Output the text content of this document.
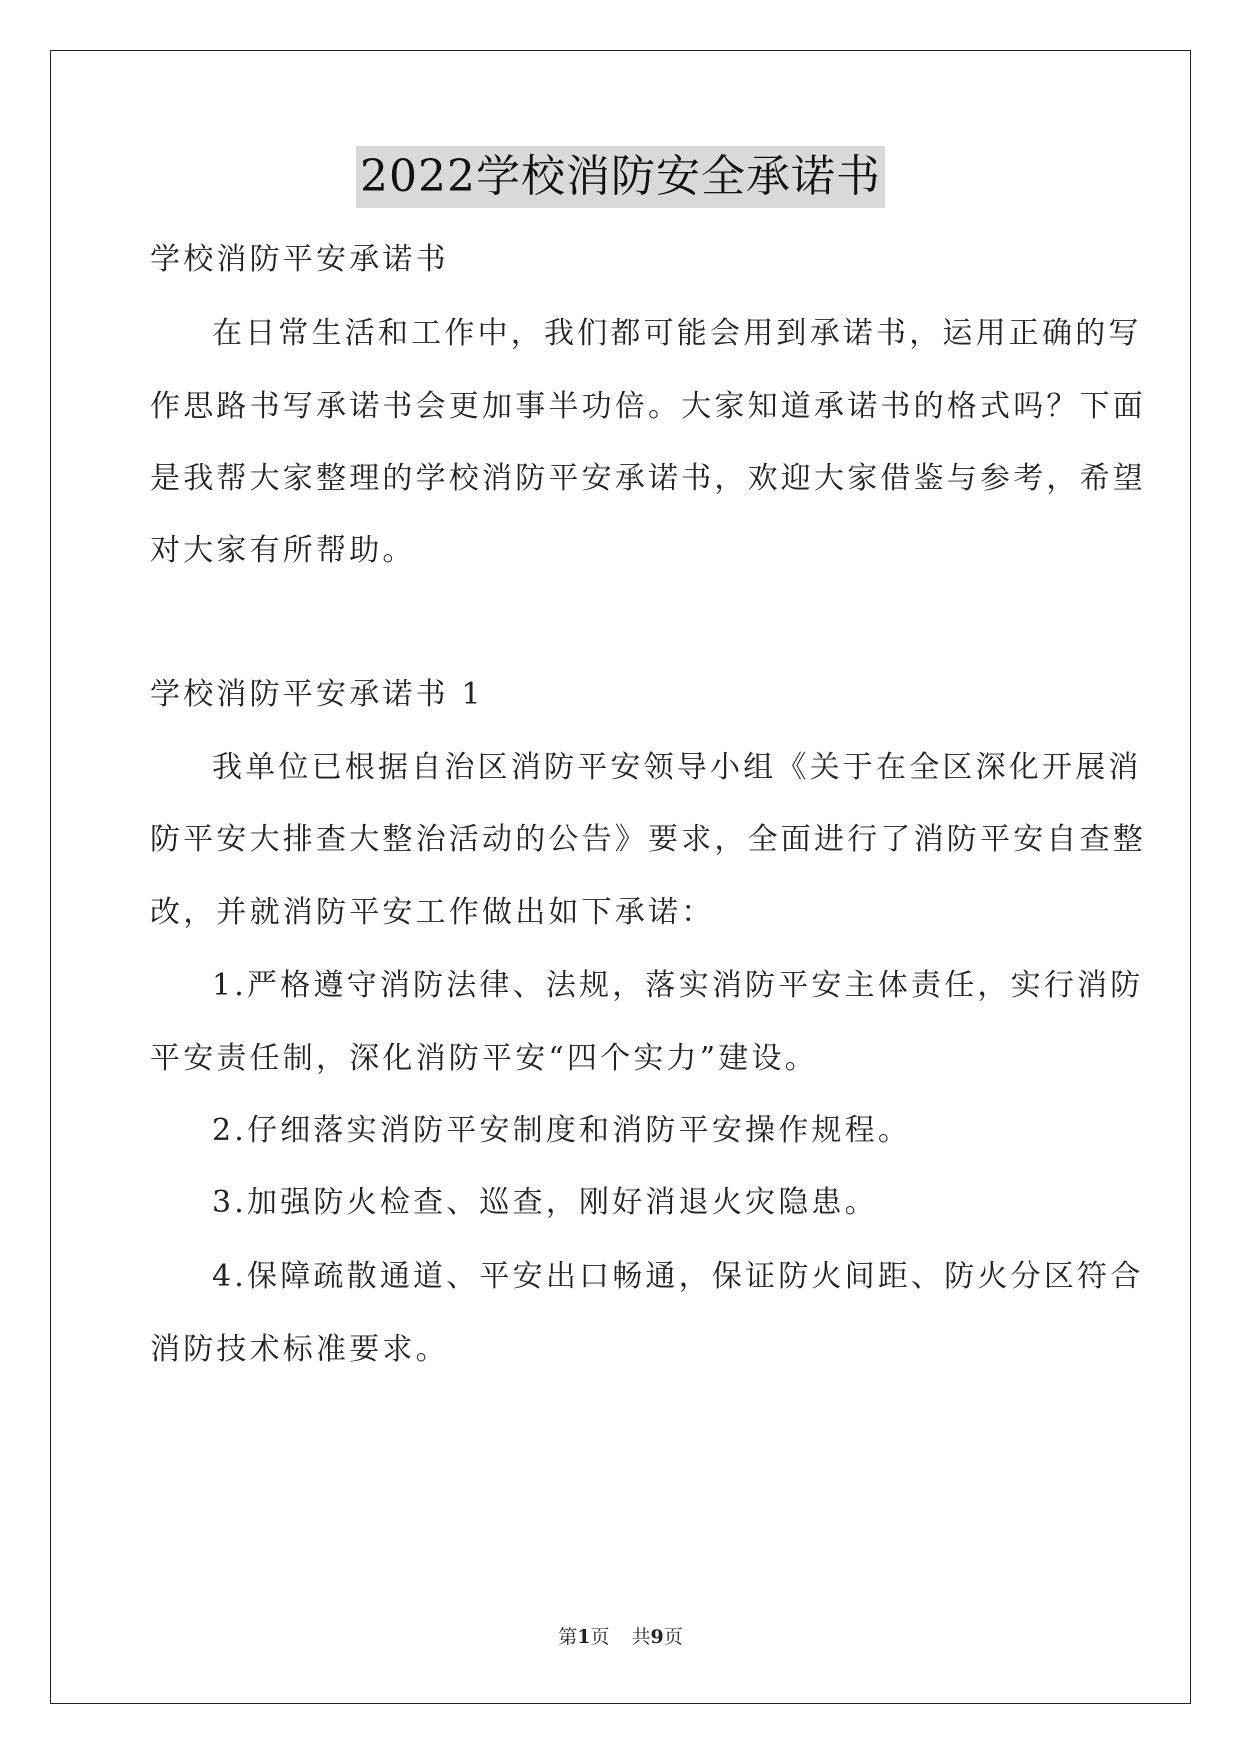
2022学校消防安全承诺书
学校消防平安承诺书
在日常生活和工作中，我们都可能会用到承诺书，运用正确的写
作思路书写承诺书会更加事半功倍。大家知道承诺书的格式吗？下面
是我帮大家整理的学校消防平安承诺书，欢迎大家借鉴与参考，希望
对大家有所帮助。
学校消防平安承诺书 1
我单位已根据自治区消防平安领导小组《关于在全区深化开展消
防平安大排查大整治活动的公告》要求，全面进行了消防平安自查整
改，并就消防平安工作做出如下承诺：
1.严格遵守消防法律、法规，落实消防平安主体责任，实行消防
平安责任制，深化消防平安“四个实力”建设。
2.仔细落实消防平安制度和消防平安操作规程。
3.加强防火检查、巡查，刚好消退火灾隐患。
4.保障疏散通道、平安出口畅通，保证防火间距、防火分区符合
消防技术标准要求。
第1页 共9页
